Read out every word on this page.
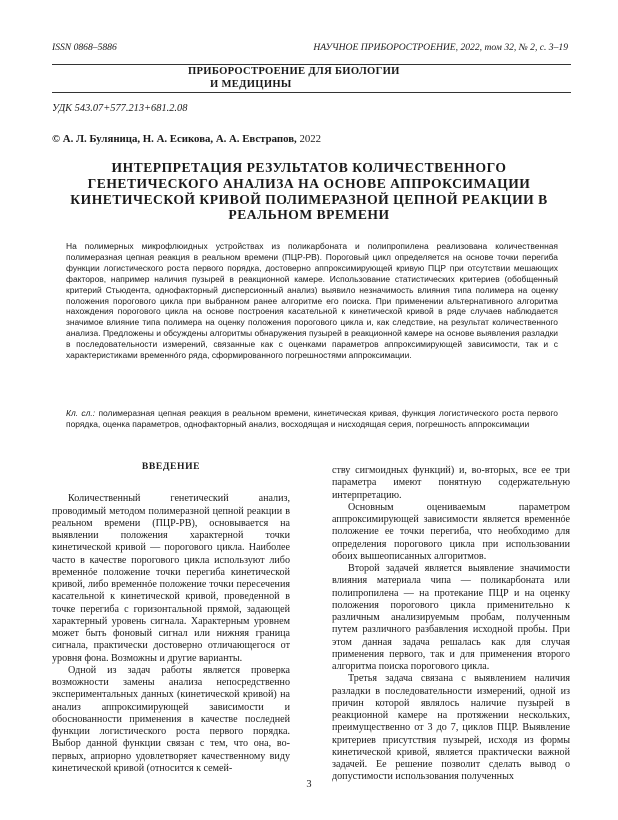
ISSN 0868–5886	НАУЧНОЕ ПРИБОРОСТРОЕНИЕ, 2022, том 32, № 2, c. 3–19
ПРИБОРОСТРОЕНИЕ ДЛЯ БИОЛОГИИ
И МЕДИЦИНЫ
УДК 543.07+577.213+681.2.08
© А. Л. Буляница, Н. А. Есикова, А. А. Евстрапов, 2022
ИНТЕРПРЕТАЦИЯ РЕЗУЛЬТАТОВ КОЛИЧЕСТВЕННОГО ГЕНЕТИЧЕСКОГО АНАЛИЗА НА ОСНОВЕ АППРОКСИМАЦИИ КИНЕТИЧЕСКОЙ КРИВОЙ ПОЛИМЕРАЗНОЙ ЦЕПНОЙ РЕАКЦИИ В РЕАЛЬНОМ ВРЕМЕНИ
На полимерных микрофлюидных устройствах из поликарбоната и полипропилена реализована количественная полимеразная цепная реакция в реальном времени (ПЦР-РВ). Пороговый цикл определяется на основе точки перегиба функции логистического роста первого порядка, достоверно аппроксимирующей кривую ПЦР при отсутствии мешающих факторов, например наличия пузырей в реакционной камере. Использование статистических критериев (обобщенный критерий Стьюдента, однофакторный дисперсионный анализ) выявило незначимость влияния типа полимера на оценку положения порогового цикла при выбранном ранее алгоритме его поиска. При применении альтернативного алгоритма нахождения порогового цикла на основе построения касательной к кинетической кривой в ряде случаев наблюдается значимое влияние типа полимера на оценку положения порогового цикла и, как следствие, на результат количественного анализа. Предложены и обсуждены алгоритмы обнаружения пузырей в реакционной камере на основе выявления разладки в последовательности измерений, связанные как с оценками параметров аппроксимирующей зависимости, так и с характеристиками временнóго ряда, сформированного погрешностями аппроксимации.
Кл. сл.: полимеразная цепная реакция в реальном времени, кинетическая кривая, функция логистического роста первого порядка, оценка параметров, однофакторный анализ, восходящая и нисходящая серия, погрешность аппроксимации
ВВЕДЕНИЕ

Количественный генетический анализ, проводимый методом полимеразной цепной реакции в реальном времени (ПЦР-РВ), основывается на выявлении положения характерной точки кинетической кривой — порогового цикла. Наиболее часто в качестве порогового цикла используют либо временнóе положение точки перегиба кинетической кривой, либо временнóе положение точки пересечения касательной к кинетической кривой, проведенной в точке перегиба с горизонтальной прямой, задающей характерный уровень сигнала. Характерным уровнем может быть фоновый сигнал или нижняя граница сигнала, практически достоверно отличающегося от уровня фона. Возможны и другие варианты.

Одной из задач работы является проверка возможности замены анализа непосредственно экспериментальных данных (кинетической кривой) на анализ аппроксимирующей зависимости и обоснованности применения в качестве последней функции логистического роста первого порядка. Выбор данной функции связан с тем, что она, во-первых, априорно удовлетворяет качественному виду кинетической кривой (относится к семей-

ству сигмоидных функций) и, во-вторых, все ее три параметра имеют понятную содержательную интерпретацию.

Основным оцениваемым параметром аппроксимирующей зависимости является временнóе положение ее точки перегиба, что необходимо для определения порогового цикла при использовании обоих вышеописанных алгоритмов.

Второй задачей является выявление значимости влияния материала чипа — поликарбоната или полипропилена — на протекание ПЦР и на оценку положения порогового цикла применительно к различным анализируемым пробам, полученным путем различного разбавления исходной пробы. При этом данная задача решалась как для случая применения первого, так и для применения второго алгоритма поиска порогового цикла.

Третья задача связана с выявлением наличия разладки в последовательности измерений, одной из причин которой являлось наличие пузырей в реакционной камере на протяжении нескольких, преимущественно от 3 до 7, циклов ПЦР. Выявление критериев присутствия пузырей, исходя из формы кинетической кривой, является практически важной задачей. Ее решение позволит сделать вывод о допустимости использования полученных

3
